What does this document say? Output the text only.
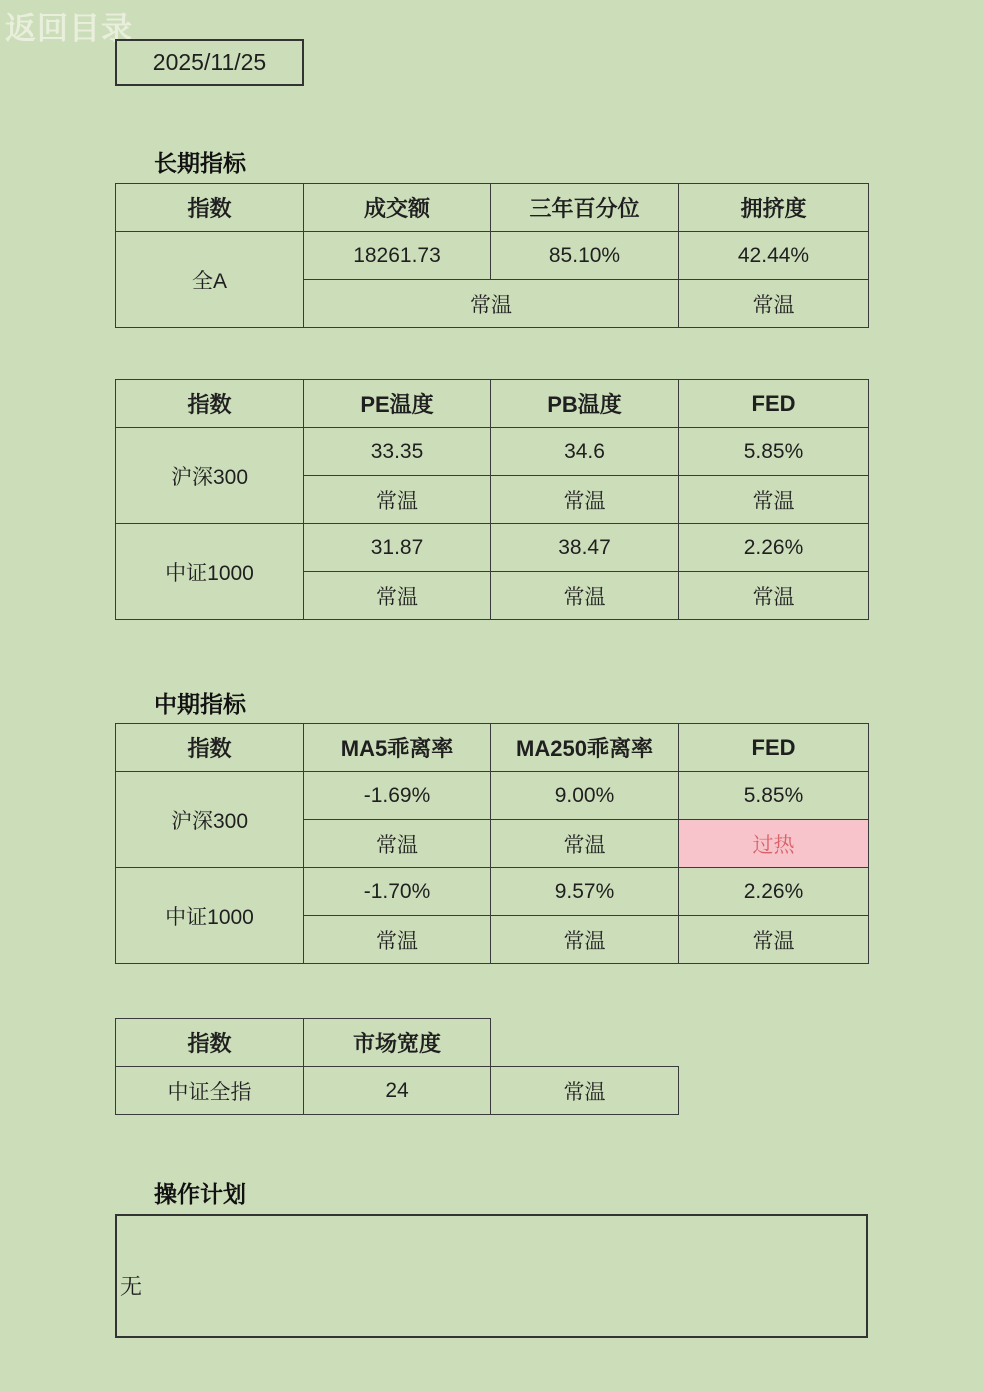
返回目录
2025/11/25
长期指标
指数	成交额	三年百分位	拥挤度
全A	18261.73	85.10%	42.44%
	常温		常温
指数	PE温度	PB温度	FED
沪深300	33.35	34.6	5.85%
	常温	常温	常温
中证1000	31.87	38.47	2.26%
	常温	常温	常温
中期指标
指数	MA5乖离率	MA250乖离率	FED
沪深300	-1.69%	9.00%	5.85%
	常温	常温	过热
中证1000	-1.70%	9.57%	2.26%
	常温	常温	常温
指数	市场宽度		
中证全指	24	常温	
操作计划
无
